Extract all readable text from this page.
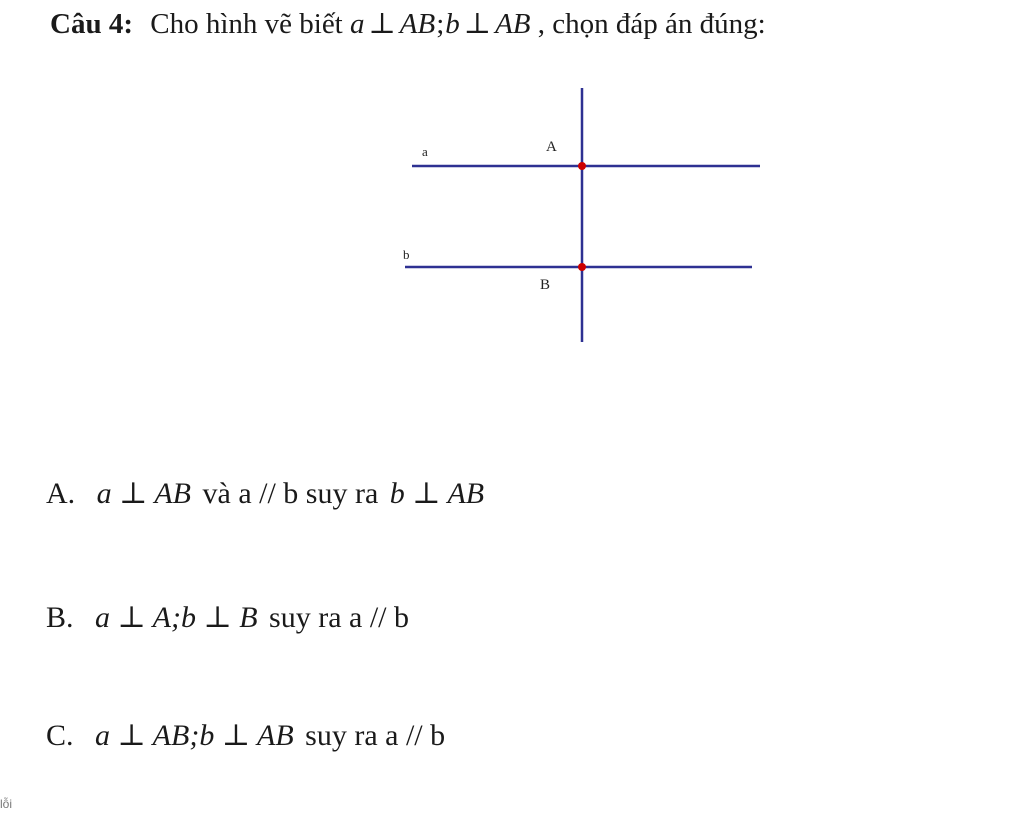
Câu 4: Cho hình vẽ biết a ⊥ AB;b ⊥ AB , chọn đáp án đúng:
a
b
A
B
A. a ⊥ AB và a // b suy ra b ⊥ AB
B. a ⊥ A;b ⊥ B suy ra a // b
C. a ⊥ AB;b ⊥ AB suy ra a // b
lỗi
